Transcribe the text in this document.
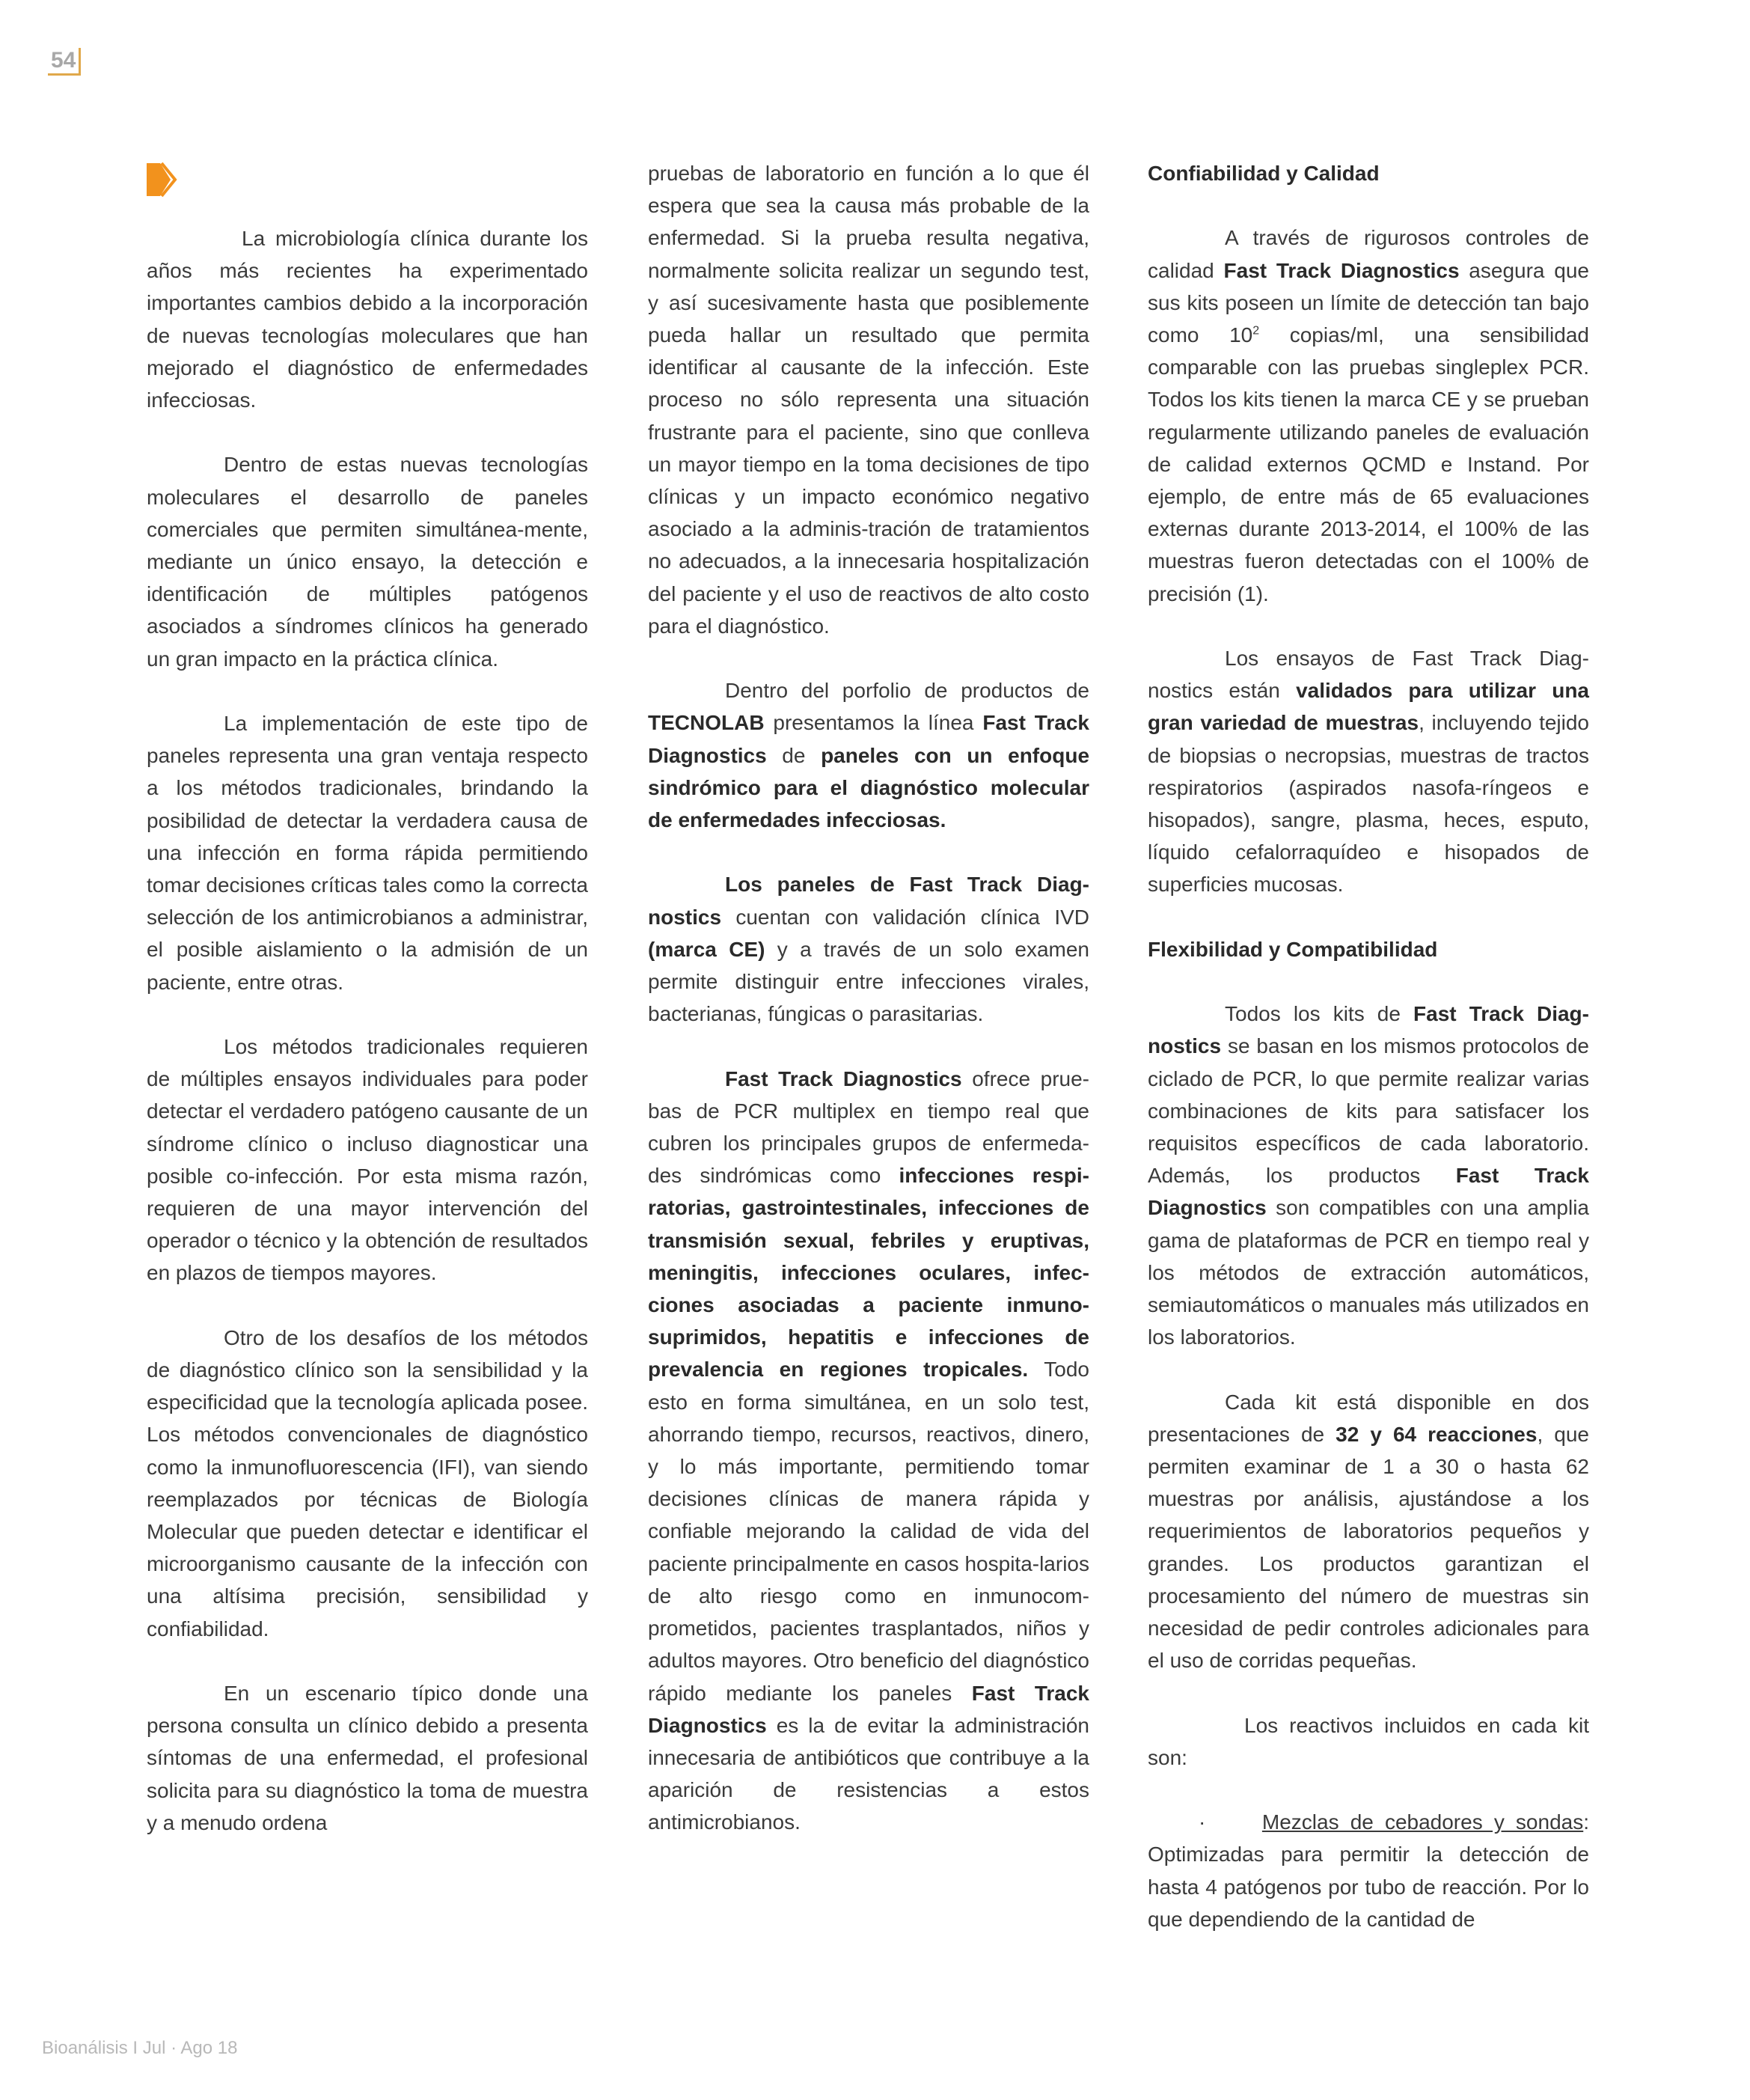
54

La microbiología clínica durante los años más recientes ha experimentado importantes cambios debido a la incorporación de nuevas tecnologías moleculares que han mejorado el diagnóstico de enfermedades infecciosas.

Dentro de estas nuevas tecnologías moleculares el desarrollo de paneles comerciales que permiten simultánea-mente, mediante un único ensayo, la detección e identificación de múltiples patógenos asociados a síndromes clínicos ha generado un gran impacto en la práctica clínica.

La implementación de este tipo de paneles representa una gran ventaja respecto a los métodos tradicionales, brindando la posibilidad de detectar la verdadera causa de una infección en forma rápida permitiendo tomar decisiones críticas tales como la correcta selección de los antimicrobianos a administrar, el posible aislamiento o la admisión de un paciente, entre otras.

Los métodos tradicionales requieren de múltiples ensayos individuales para poder detectar el verdadero patógeno causante de un síndrome clínico o incluso diagnosticar una posible co-infección. Por esta misma razón, requieren de una mayor intervención del operador o técnico y la obtención de resultados en plazos de tiempos mayores.

Otro de los desafíos de los métodos de diagnóstico clínico son la sensibilidad y la especificidad que la tecnología aplicada posee. Los métodos convencionales de diagnóstico como la inmunofluorescencia (IFI), van siendo reemplazados por técnicas de Biología Molecular que pueden detectar e identificar el microorganismo causante de la infección con una altísima precisión, sensibilidad y confiabilidad.

En un escenario típico donde una persona consulta un clínico debido a presenta síntomas de una enfermedad, el profesional solicita para su diagnóstico la toma de muestra y a menudo ordena

pruebas de laboratorio en función a lo que él espera que sea la causa más probable de la enfermedad. Si la prueba resulta negativa, normalmente solicita realizar un segundo test, y así sucesivamente hasta que posiblemente pueda hallar un resultado que permita identificar al causante de la infección. Este proceso no sólo representa una situación frustrante para el paciente, sino que conlleva un mayor tiempo en la toma decisiones de tipo clínicas y un impacto económico negativo asociado a la adminis-tración de tratamientos no adecuados, a la innecesaria hospitalización del paciente y el uso de reactivos de alto costo para el diagnóstico.

Dentro del porfolio de productos de TECNOLAB presentamos la línea Fast Track Diagnostics de paneles con un enfoque sindrómico para el diagnóstico molecular de enfermedades infecciosas.

Los paneles de Fast Track Diag-nostics cuentan con validación clínica IVD (marca CE) y a través de un solo examen permite distinguir entre infecciones virales, bacterianas, fúngicas o parasitarias.

Fast Track Diagnostics ofrece prue-bas de PCR multiplex en tiempo real que cubren los principales grupos de enfermeda-des sindrómicas como infecciones respi-ratorias, gastrointestinales, infecciones de transmisión sexual, febriles y eruptivas, meningitis, infecciones oculares, infec-ciones asociadas a paciente inmuno-suprimidos, hepatitis e infecciones de prevalencia en regiones tropicales. Todo esto en forma simultánea, en un solo test, ahorrando tiempo, recursos, reactivos, dinero, y lo más importante, permitiendo tomar decisiones clínicas de manera rápida y confiable mejorando la calidad de vida del paciente principalmente en casos hospita-larios de alto riesgo como en inmunocom-prometidos, pacientes trasplantados, niños y adultos mayores. Otro beneficio del diagnóstico rápido mediante los paneles Fast Track Diagnostics es la de evitar la administración innecesaria de antibióticos que contribuye a la aparición de resistencias a estos antimicrobianos.

Confiabilidad y Calidad

A través de rigurosos controles de calidad Fast Track Diagnostics asegura que sus kits poseen un límite de detección tan bajo como $10^2$ copias/ml, una sensibilidad comparable con las pruebas singleplex PCR. Todos los kits tienen la marca CE y se prueban regularmente utilizando paneles de evaluación de calidad externos QCMD e Instand. Por ejemplo, de entre más de 65 evaluaciones externas durante 2013-2014, el 100% de las muestras fueron detectadas con el 100% de precisión (1).

Los ensayos de Fast Track Diag-nostics están validados para utilizar una gran variedad de muestras, incluyendo tejido de biopsias o necropsias, muestras de tractos respiratorios (aspirados nasofa-ríngeos e hisopados), sangre, plasma, heces, esputo, líquido cefalorraquídeo e hisopados de superficies mucosas.

Flexibilidad y Compatibilidad

Todos los kits de Fast Track Diag-nostics se basan en los mismos protocolos de ciclado de PCR, lo que permite realizar varias combinaciones de kits para satisfacer los requisitos específicos de cada laboratorio. Además, los productos Fast Track Diagnostics son compatibles con una amplia gama de plataformas de PCR en tiempo real y los métodos de extracción automáticos, semiautomáticos o manuales más utilizados en los laboratorios.

Cada kit está disponible en dos presentaciones de 32 y 64 reacciones, que permiten examinar de 1 a 30 o hasta 62 muestras por análisis, ajustándose a los requerimientos de laboratorios pequeños y grandes. Los productos garantizan el procesamiento del número de muestras sin necesidad de pedir controles adicionales para el uso de corridas pequeñas.

Los reactivos incluidos en cada kit son:

·	Mezclas de cebadores y sondas: Optimizadas para permitir la detección de hasta 4 patógenos por tubo de reacción. Por lo que dependiendo de la cantidad de

Bioanálisis I Jul · Ago 18
